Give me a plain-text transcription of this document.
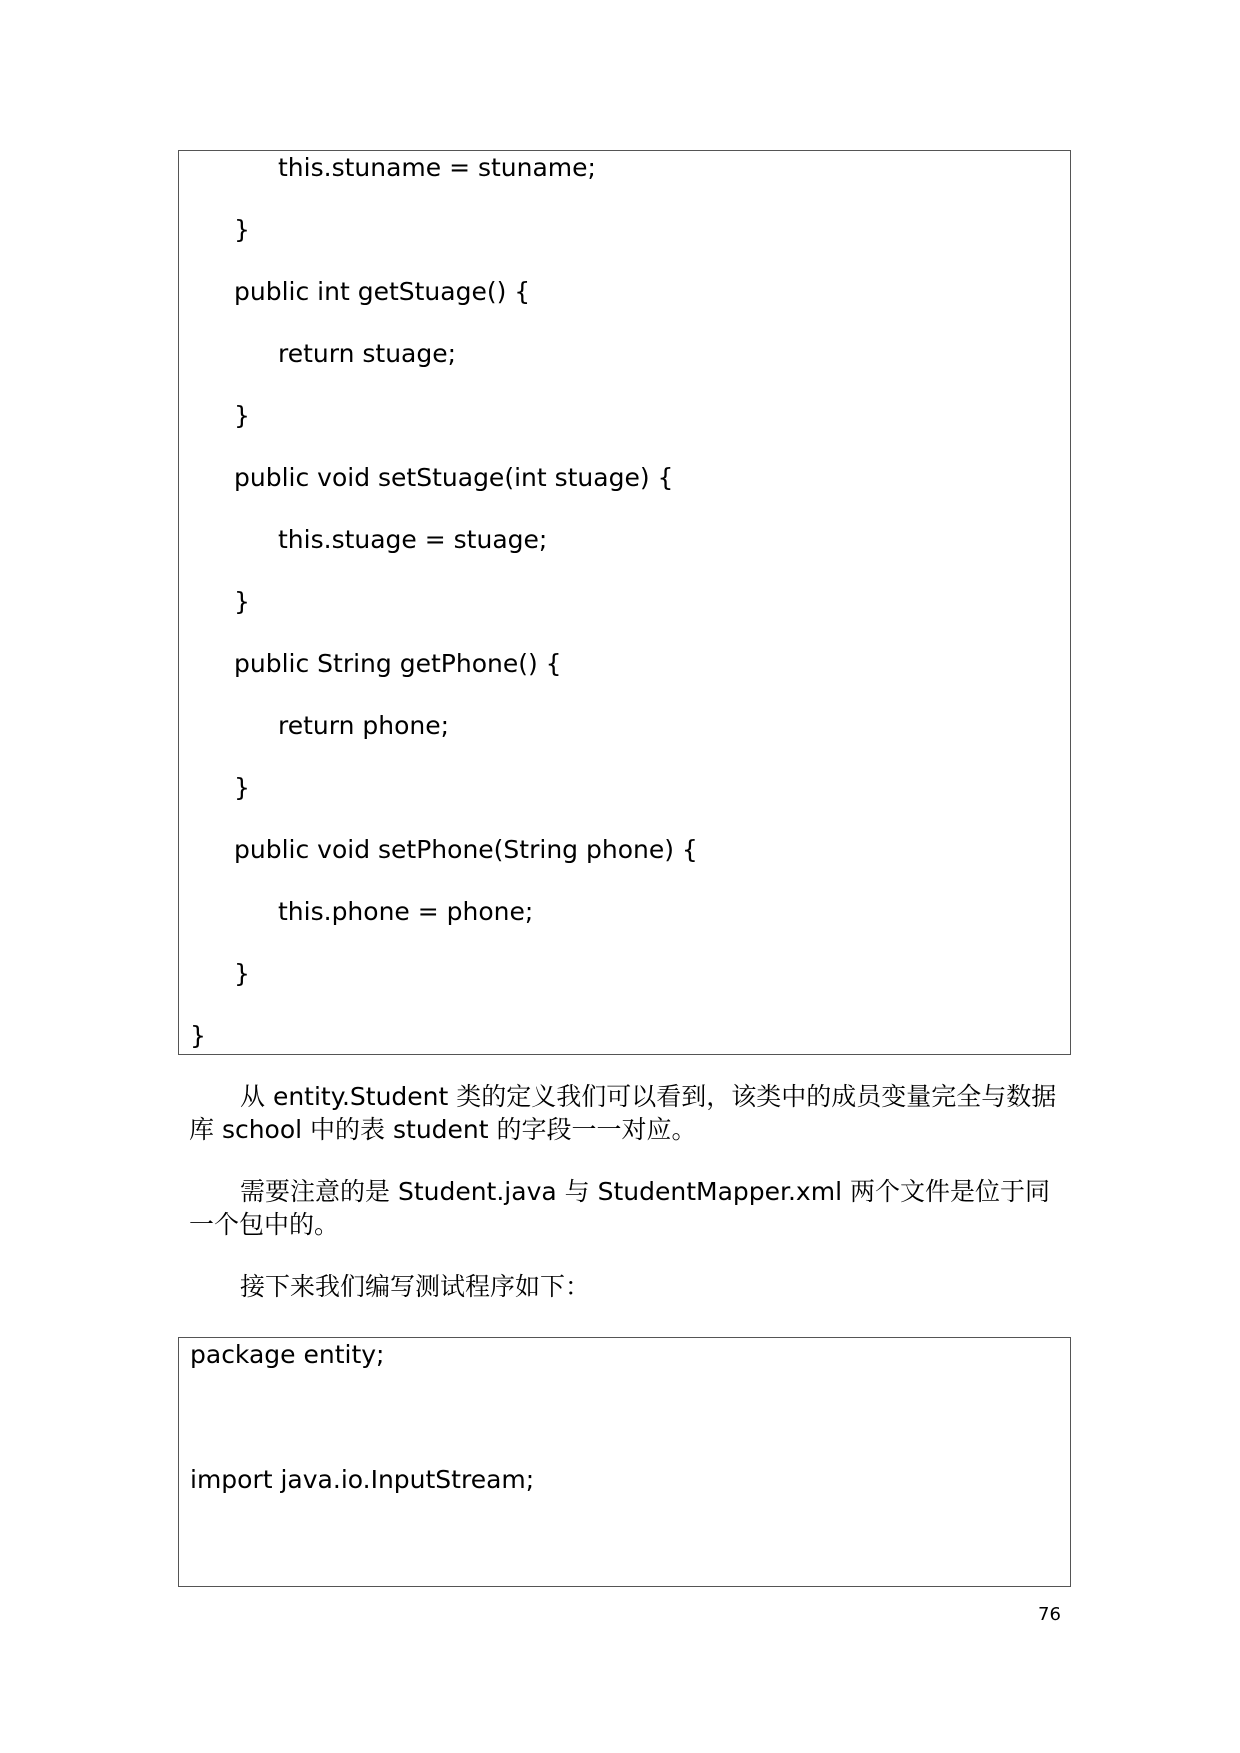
this.stuname = stuname;
}
public int getStuage() {
return stuage;
}
public void setStuage(int stuage) {
this.stuage = stuage;
}
public String getPhone() {
return phone;
}
public void setPhone(String phone) {
this.phone = phone;
}
}
从 entity.Student 类的定义我们可以看到，该类中的成员变量完全与数据
库 school 中的表 student 的字段一一对应。
需要注意的是 Student.java 与 StudentMapper.xml 两个文件是位于同
一个包中的。
接下来我们编写测试程序如下：
package entity;
import java.io.InputStream;
76
